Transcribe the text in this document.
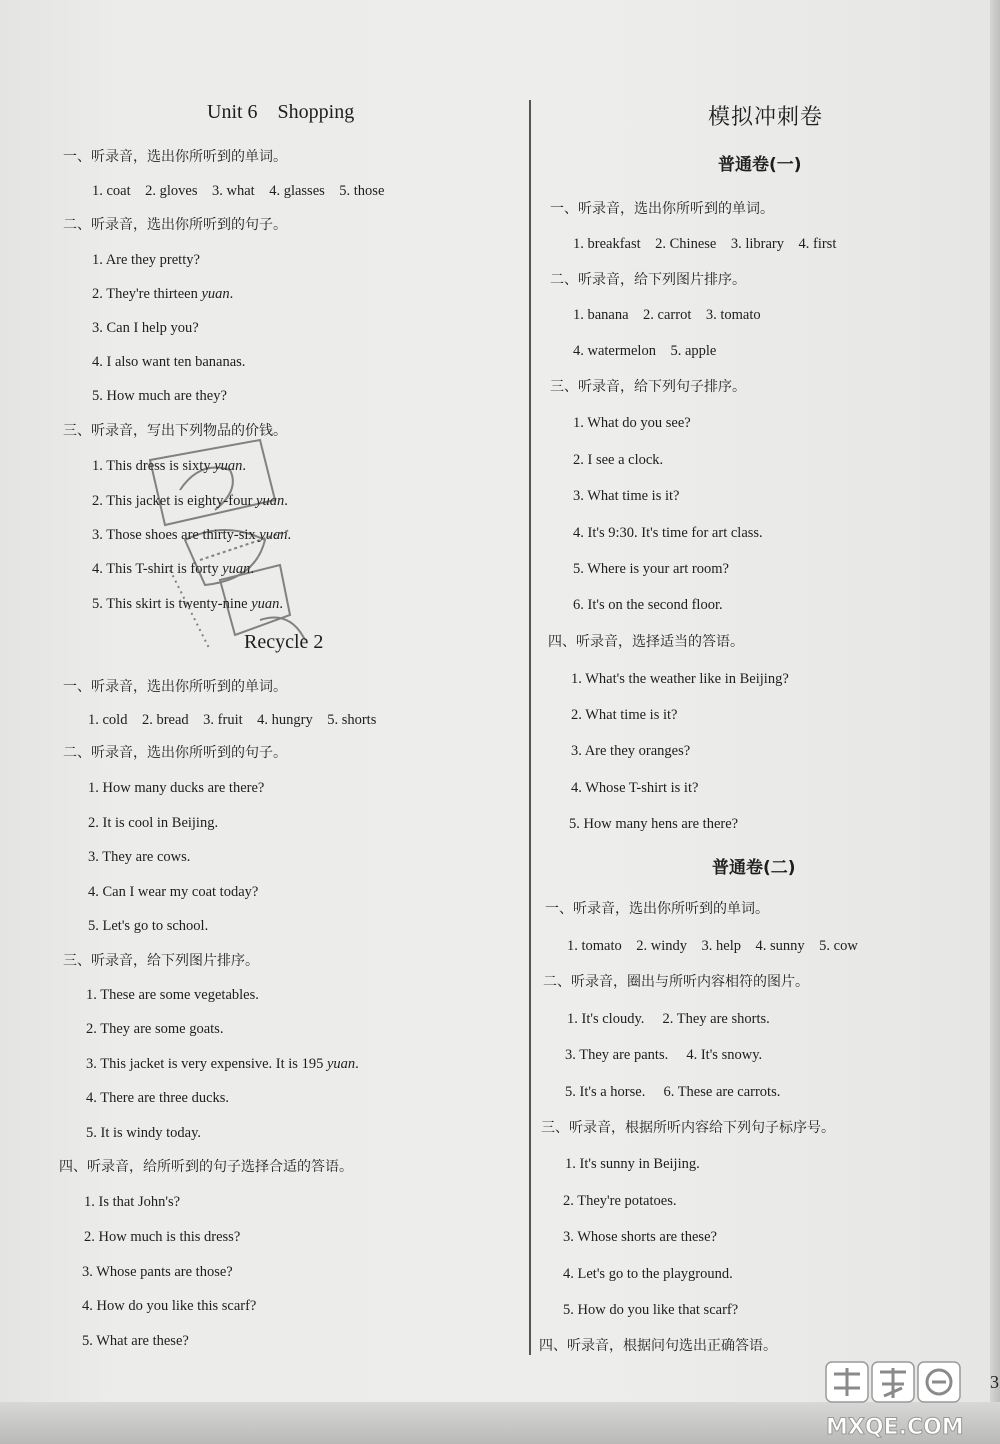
Unit 6　Shopping
一、听录音，选出你所听到的单词。
1. coat　2. gloves　3. what　4. glasses　5. those
二、听录音，选出你所听到的句子。
1. Are they pretty?
2. They're thirteen yuan.
3. Can I help you?
4. I also want ten bananas.
5. How much are they?
三、听录音，写出下列物品的价钱。
1. This dress is sixty yuan.
2. This jacket is eighty-four yuan.
3. Those shoes are thirty-six yuan.
4. This T-shirt is forty yuan.
5. This skirt is twenty-nine yuan.
Recycle 2
一、听录音，选出你所听到的单词。
1. cold　2. bread　3. fruit　4. hungry　5. shorts
二、听录音，选出你所听到的句子。
1. How many ducks are there?
2. It is cool in Beijing.
3. They are cows.
4. Can I wear my coat today?
5. Let's go to school.
三、听录音，给下列图片排序。
1. These are some vegetables.
2. They are some goats.
3. This jacket is very expensive. It is 195 yuan.
4. There are three ducks.
5. It is windy today.
四、听录音，给所听到的句子选择合适的答语。
1. Is that John's?
2. How much is this dress?
3. Whose pants are those?
4. How do you like this scarf?
5. What are these?
模拟冲刺卷
普通卷(一)
一、听录音，选出你所听到的单词。
1. breakfast　2. Chinese　3. library　4. first
二、听录音，给下列图片排序。
1. banana　2. carrot　3. tomato
4. watermelon　5. apple
三、听录音，给下列句子排序。
1. What do you see?
2. I see a clock.
3. What time is it?
4. It's 9:30. It's time for art class.
5. Where is your art room?
6. It's on the second floor.
四、听录音，选择适当的答语。
1. What's the weather like in Beijing?
2. What time is it?
3. Are they oranges?
4. Whose T-shirt is it?
5. How many hens are there?
普通卷(二)
一、听录音，选出你所听到的单词。
1. tomato　2. windy　3. help　4. sunny　5. cow
二、听录音，圈出与所听内容相符的图片。
1. It's cloudy.　 2. They are shorts.
3. They are pants.　 4. It's snowy.
5. It's a horse.　 6. These are carrots.
三、听录音，根据所听内容给下列句子标序号。
1. It's sunny in Beijing.
2. They're potatoes.
3. Whose shorts are these?
4. Let's go to the playground.
5. How do you like that scarf?
四、听录音，根据问句选出正确答语。
MXQE.COM
3
